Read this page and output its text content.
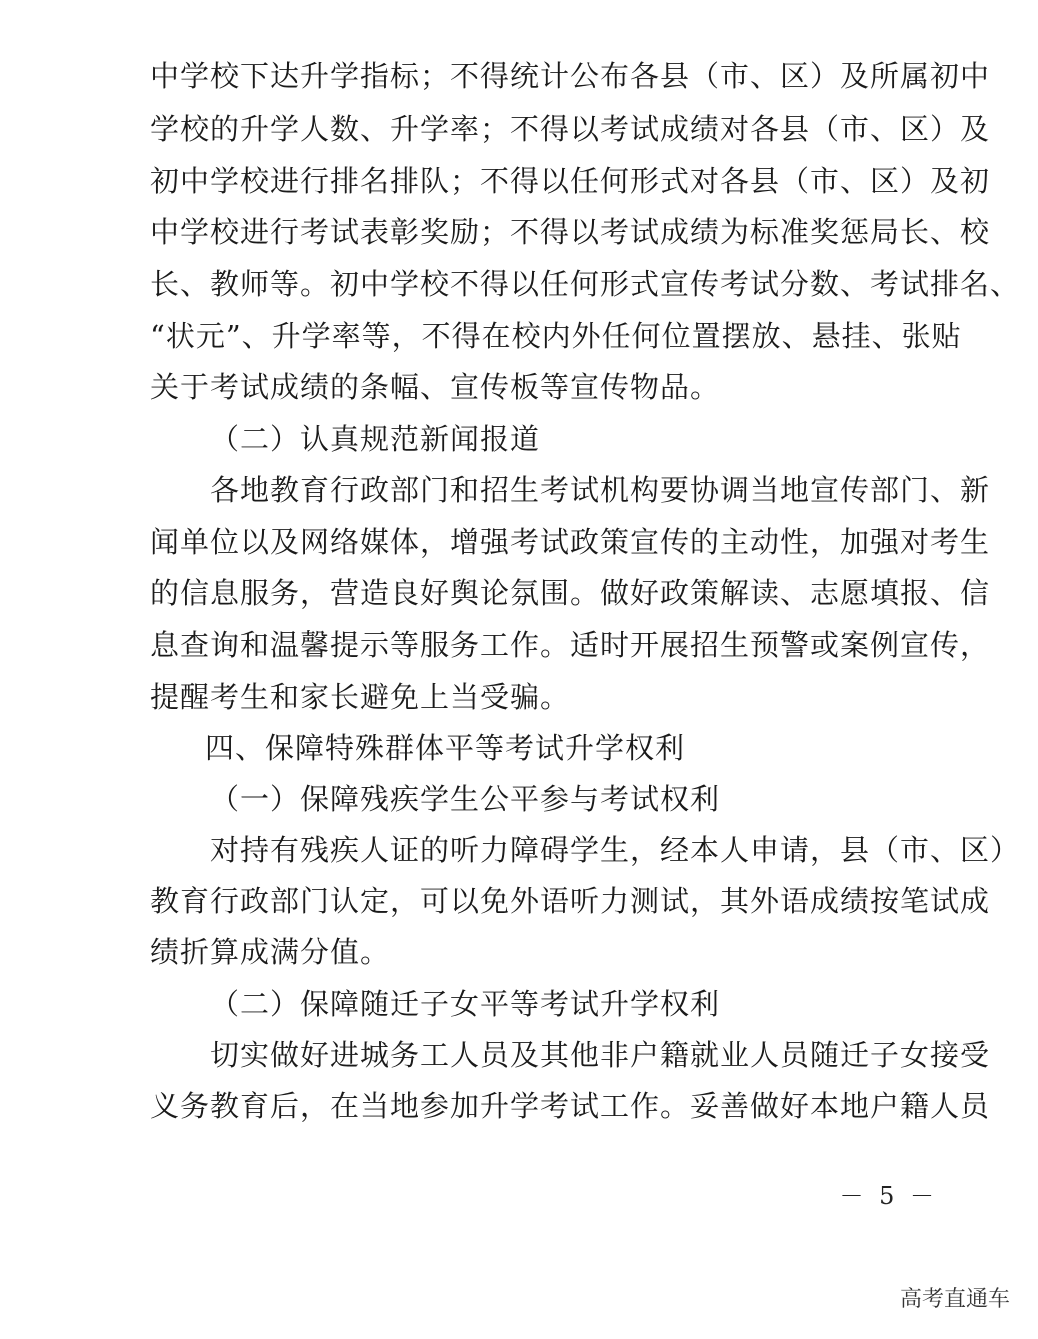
中学校下达升学指标；不得统计公布各县（市、区）及所属初中
学校的升学人数、升学率；不得以考试成绩对各县（市、区）及
初中学校进行排名排队；不得以任何形式对各县（市、区）及初
中学校进行考试表彰奖励；不得以考试成绩为标准奖惩局长、校
长、教师等。初中学校不得以任何形式宣传考试分数、考试排名、
“状元”、升学率等，不得在校内外任何位置摆放、悬挂、张贴
关于考试成绩的条幅、宣传板等宣传物品。
（二）认真规范新闻报道
各地教育行政部门和招生考试机构要协调当地宣传部门、新
闻单位以及网络媒体，增强考试政策宣传的主动性，加强对考生
的信息服务，营造良好舆论氛围。做好政策解读、志愿填报、信
息查询和温馨提示等服务工作。适时开展招生预警或案例宣传，
提醒考生和家长避免上当受骗。
四、保障特殊群体平等考试升学权利
（一）保障残疾学生公平参与考试权利
对持有残疾人证的听力障碍学生，经本人申请，县（市、区）
教育行政部门认定，可以免外语听力测试，其外语成绩按笔试成
绩折算成满分值。
（二）保障随迁子女平等考试升学权利
切实做好进城务工人员及其他非户籍就业人员随迁子女接受
义务教育后，在当地参加升学考试工作。妥善做好本地户籍人员
－ 5 －
高考直通车
